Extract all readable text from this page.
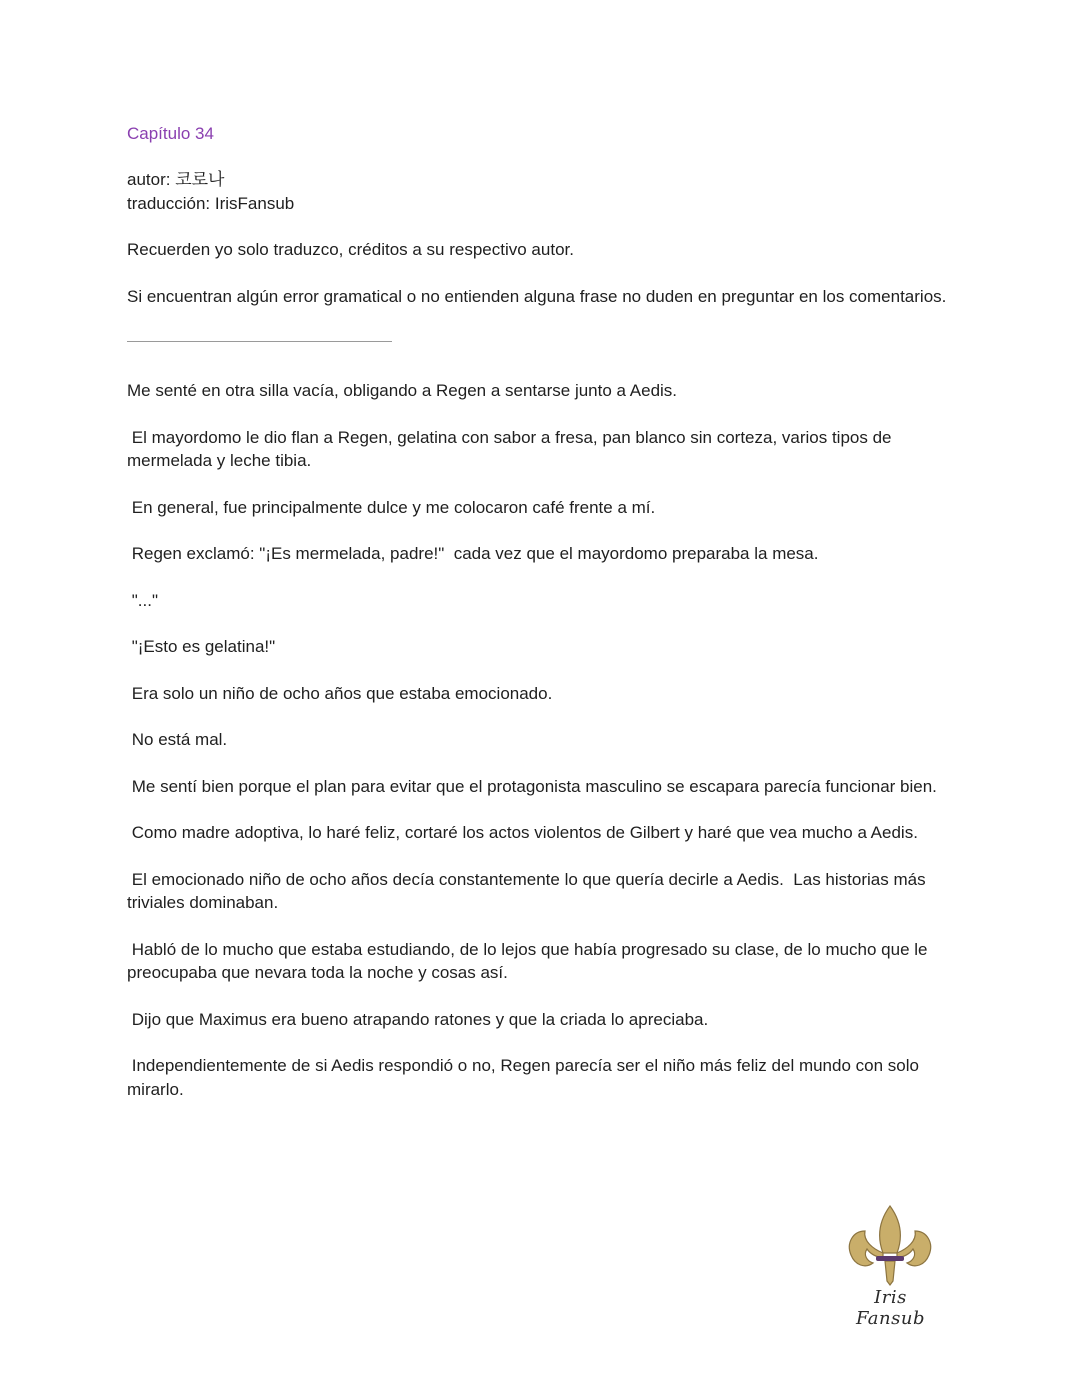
Capítulo 34

autor: 코로나
traducción: IrisFansub

Recuerden yo solo traduzco, créditos a su respectivo autor.

Si encuentran algún error gramatical o no entienden alguna frase no duden en preguntar en los comentarios.

Me senté en otra silla vacía, obligando a Regen a sentarse junto a Aedis.

El mayordomo le dio flan a Regen, gelatina con sabor a fresa, pan blanco sin corteza, varios tipos de mermelada y leche tibia.

En general, fue principalmente dulce y me colocaron café frente a mí.

Regen exclamó: "¡Es mermelada, padre!"  cada vez que el mayordomo preparaba la mesa.

"..."

"¡Esto es gelatina!"

Era solo un niño de ocho años que estaba emocionado.

No está mal.

Me sentí bien porque el plan para evitar que el protagonista masculino se escapara parecía funcionar bien.

Como madre adoptiva, lo haré feliz, cortaré los actos violentos de Gilbert y haré que vea mucho a Aedis.

El emocionado niño de ocho años decía constantemente lo que quería decirle a Aedis.  Las historias más triviales dominaban.

Habló de lo mucho que estaba estudiando, de lo lejos que había progresado su clase, de lo mucho que le preocupaba que nevara toda la noche y cosas así.

Dijo que Maximus era bueno atrapando ratones y que la criada lo apreciaba.

Independientemente de si Aedis respondió o no, Regen parecía ser el niño más feliz del mundo con solo mirarlo.

Iris Fansub
